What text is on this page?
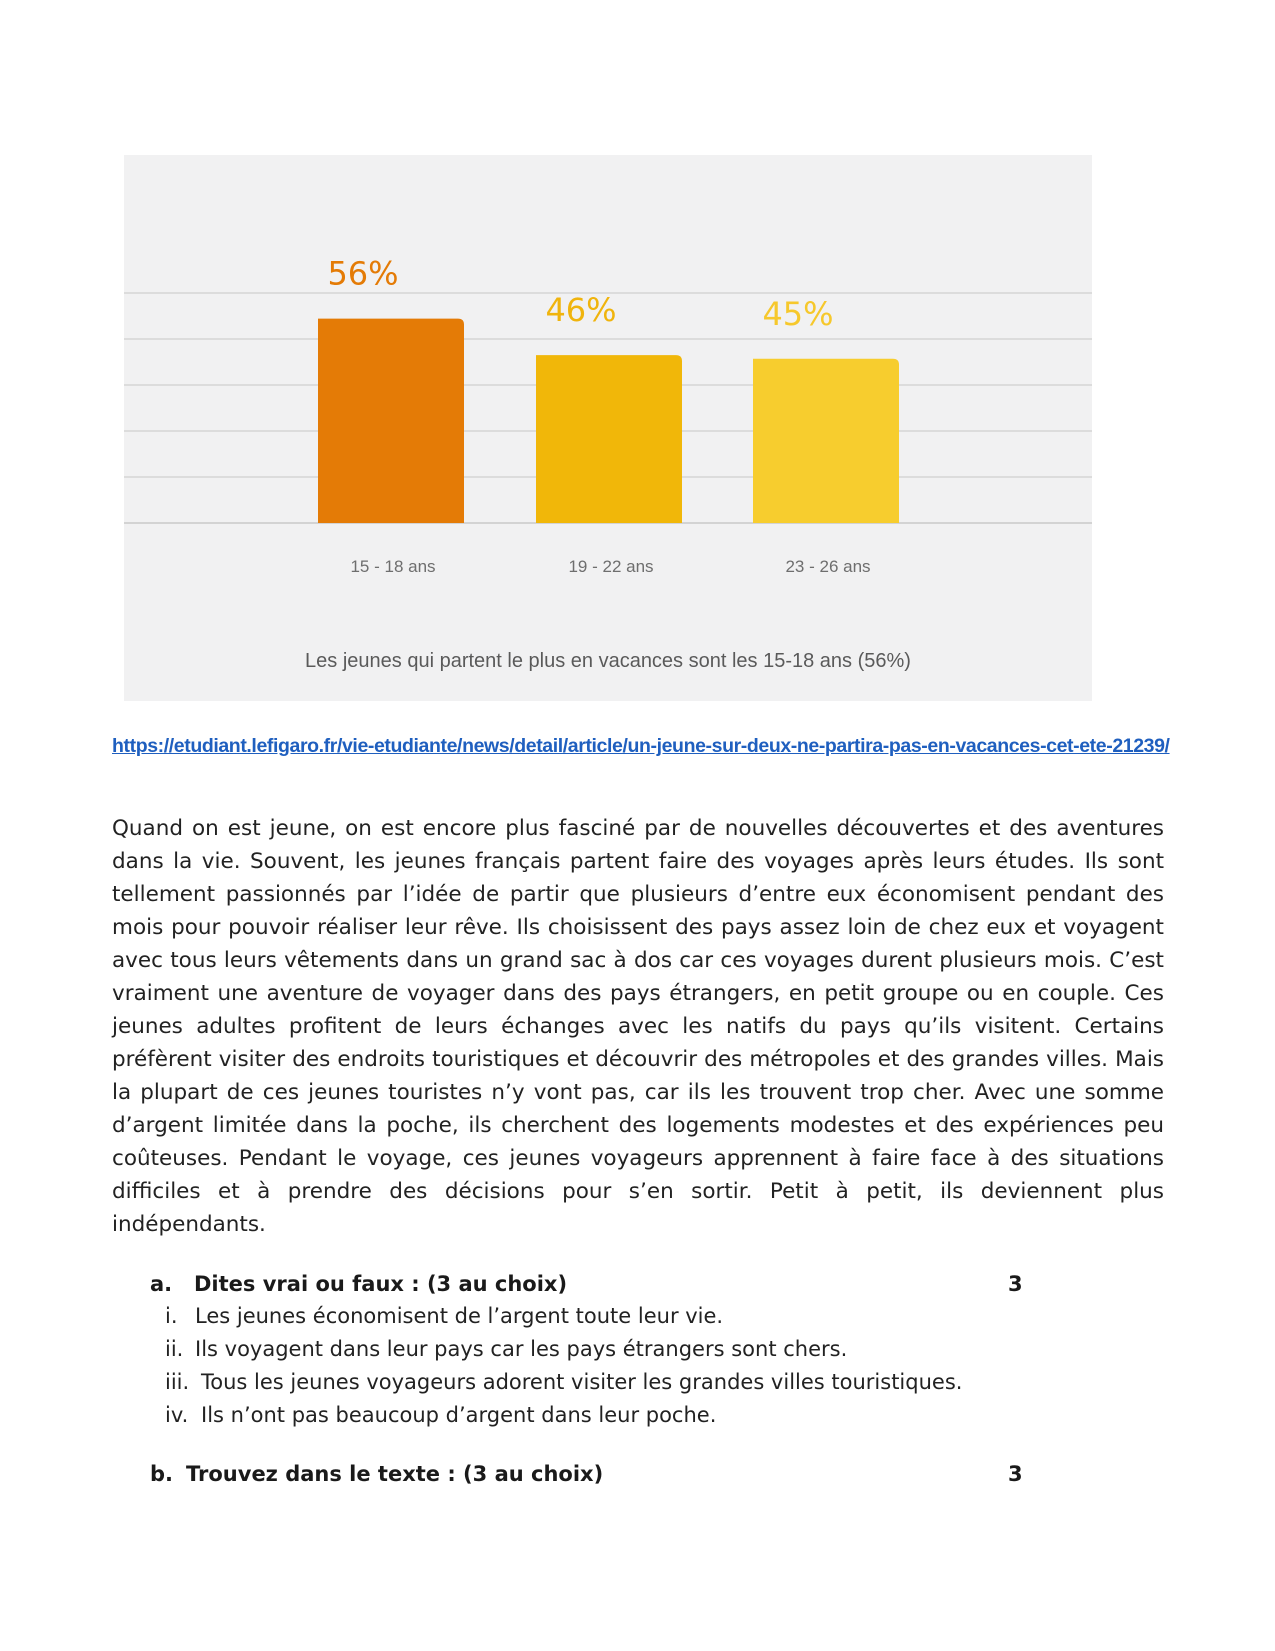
56%
15 - 18 ans
46%
19 - 22 ans
45%
23 - 26 ans
Les jeunes qui partent le plus en vacances sont les 15-18 ans (56%)
https://etudiant.lefigaro.fr/vie-etudiante/news/detail/article/un-jeune-sur-deux-ne-partira-pas-en-vacances-cet-ete-21239/

Quand on est jeune, on est encore plus fasciné par de nouvelles découvertes et des aventures dans la vie. Souvent, les jeunes français partent faire des voyages après leurs études. Ils sont tellement passionnés par l’idée de partir que plusieurs d’entre eux économisent pendant des mois pour pouvoir réaliser leur rêve. Ils choisissent des pays assez loin de chez eux et voyagent avec tous leurs vêtements dans un grand sac à dos car ces voyages durent plusieurs mois. C’est vraiment une aventure de voyager dans des pays étrangers, en petit groupe ou en couple. Ces jeunes adultes profitent de leurs échanges avec les natifs du pays qu’ils visitent. Certains préfèrent visiter des endroits touristiques et découvrir des métropoles et des grandes villes. Mais la plupart de ces jeunes touristes n’y vont pas, car ils les trouvent trop cher. Avec une somme d’argent limitée dans la poche, ils cherchent des logements modestes et des expériences peu coûteuses. Pendant le voyage, ces jeunes voyageurs apprennent à faire face à des situations difficiles et à prendre des décisions pour s’en sortir. Petit à petit, ils deviennent plus indépendants.

a. Dites vrai ou faux : (3 au choix)	3
i. Les jeunes économisent de l’argent toute leur vie.
ii. Ils voyagent dans leur pays car les pays étrangers sont chers.
iii. Tous les jeunes voyageurs adorent visiter les grandes villes touristiques.
iv. Ils n’ont pas beaucoup d’argent dans leur poche.
b. Trouvez dans le texte : (3 au choix)	3
